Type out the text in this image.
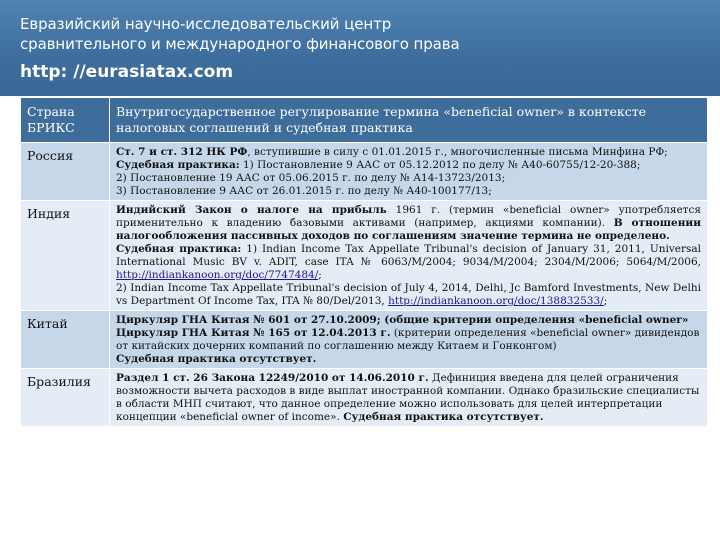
Евразийский научно-исследовательский центр
сравнительного и международного финансового права
http: //eurasiatax.com
Страна БРИКС	Внутригосударственное регулирование термина «beneficial owner» в контексте налоговых соглашений и судебная практика
Россия	Ст. 7 и ст. 312 НК РФ, вступившие в силу с 01.01.2015 г., многочисленные письма Минфина РФ;
Судебная практика: 1) Постановление 9 ААС от 05.12.2012 по делу № А40-60755/12-20-388;
2) Постановление 19 ААС от 05.06.2015 г. по делу № А14-13723/2013;
3) Постановление 9 ААС от 26.01.2015 г. по делу № А40-100177/13;

Индия	Индийский Закон о налоге на прибыль 1961 г. (термин «beneficial owner» употребляется применительно к владению базовыми активами (например, акциями компании). В отношении налогообложения пассивных доходов по соглашениям значение термина не определено.
Судебная практика: 1) Indian Income Tax Appellate Tribunal's decision of January 31, 2011, Universal International Music BV v. ADIT, case ITA № 6063/M/2004; 9034/M/2004; 2304/M/2006; 5064/M/2006, http://indiankanoon.org/doc/7747484/;
2) Indian Income Tax Appellate Tribunal's decision of July 4, 2014, Delhi, Jc Bamford Investments, New Delhi vs Department Of Income Tax, ITA № 80/Del/2013, http://indiankanoon.org/doc/138832533/;

Китай	Циркуляр ГНА Китая № 601 от 27.10.2009; (общие критерии определения «beneficial owner»
Циркуляр ГНА Китая № 165 от 12.04.2013 г. (критерии определения «beneficial owner» дивидендов от китайских дочерних компаний по соглашению между Китаем и Гонконгом)
Судебная практика отсутствует.

Бразилия	Раздел 1 ст. 26 Закона 12249/2010 от 14.06.2010 г. Дефиниция введена для целей ограничения возможности вычета расходов в виде выплат иностранной компании. Однако бразильские специалисты в области МНП считают, что данное определение можно использовать для целей интерпретации концепции «beneficial owner of income». Судебная практика отсутствует.
